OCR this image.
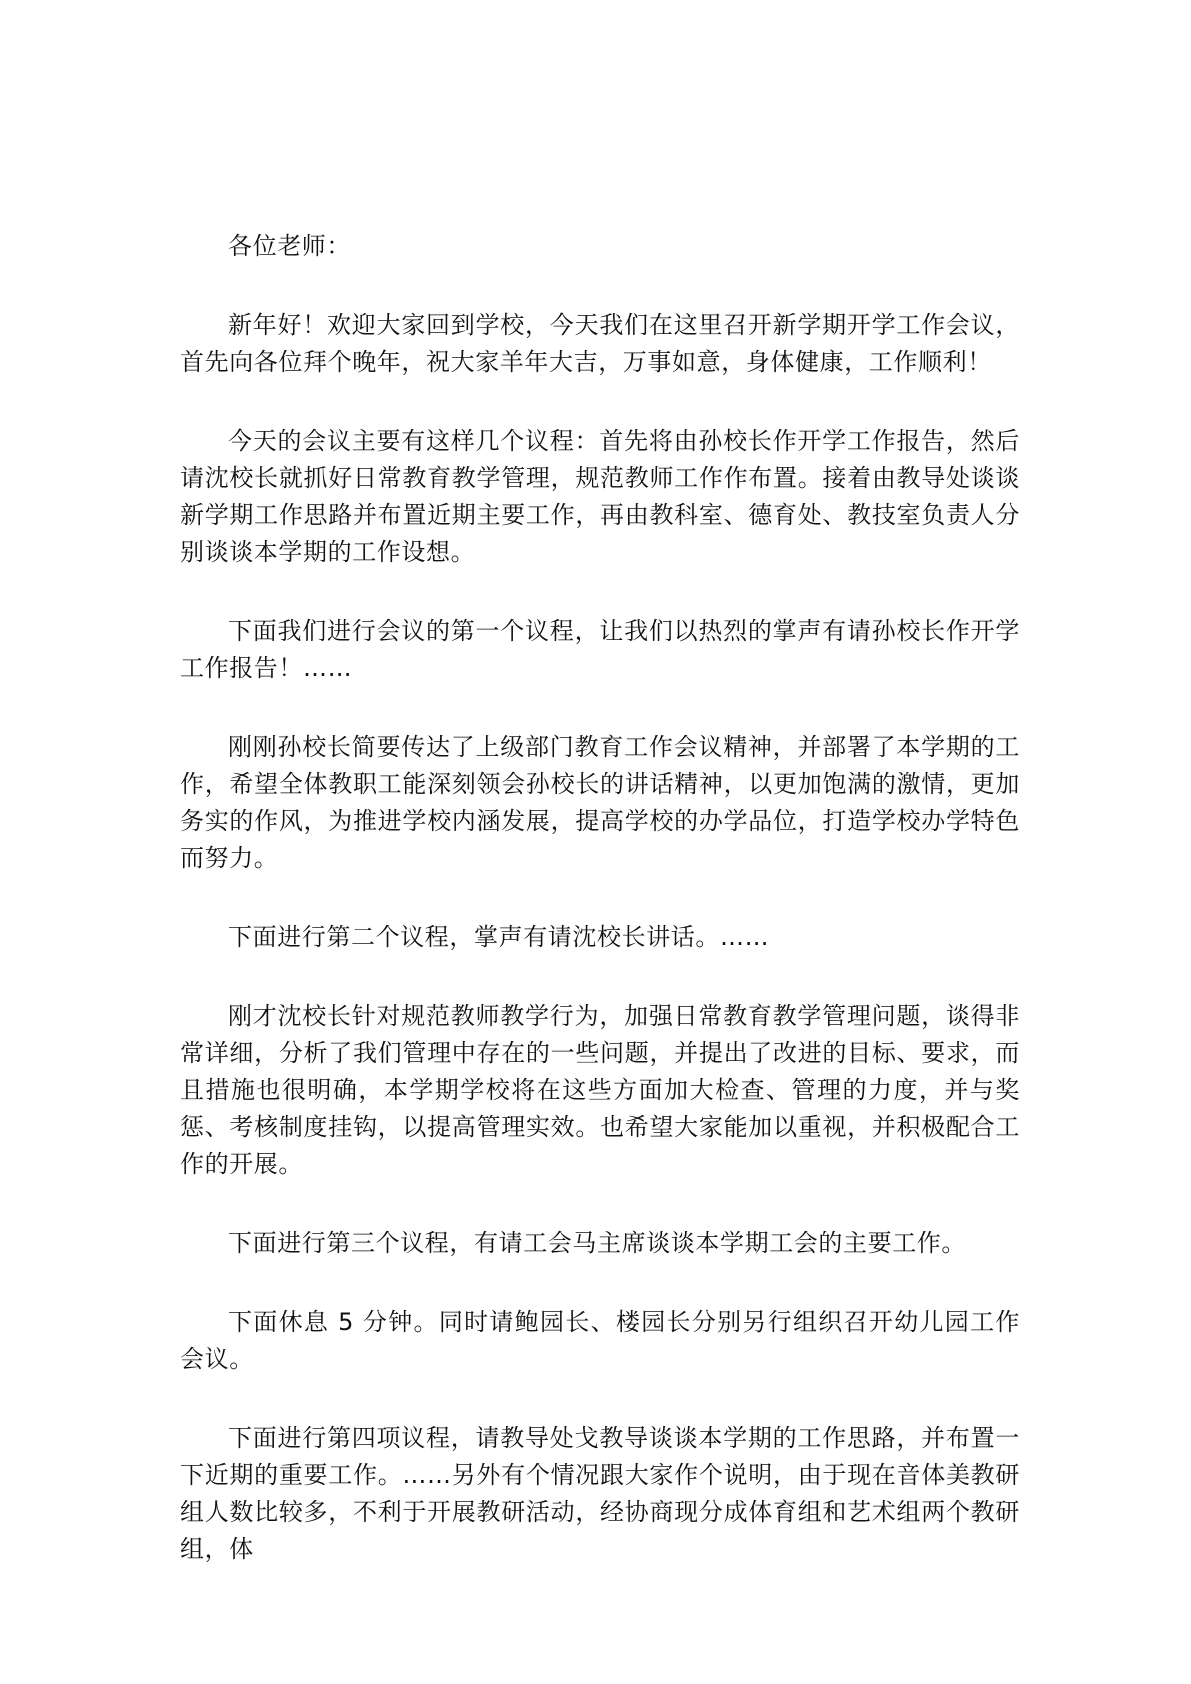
各位老师：

新年好！欢迎大家回到学校，今天我们在这里召开新学期开学工作会议，首先向各位拜个晚年，祝大家羊年大吉，万事如意，身体健康，工作顺利！

今天的会议主要有这样几个议程：首先将由孙校长作开学工作报告，然后请沈校长就抓好日常教育教学管理，规范教师工作作布置。接着由教导处谈谈新学期工作思路并布置近期主要工作，再由教科室、德育处、教技室负责人分别谈谈本学期的工作设想。

下面我们进行会议的第一个议程，让我们以热烈的掌声有请孙校长作开学工作报告！……

刚刚孙校长简要传达了上级部门教育工作会议精神，并部署了本学期的工作，希望全体教职工能深刻领会孙校长的讲话精神，以更加饱满的激情，更加务实的作风，为推进学校内涵发展，提高学校的办学品位，打造学校办学特色而努力。

下面进行第二个议程，掌声有请沈校长讲话。……

刚才沈校长针对规范教师教学行为，加强日常教育教学管理问题，谈得非常详细，分析了我们管理中存在的一些问题，并提出了改进的目标、要求，而且措施也很明确，本学期学校将在这些方面加大检查、管理的力度，并与奖惩、考核制度挂钩，以提高管理实效。也希望大家能加以重视，并积极配合工作的开展。

下面进行第三个议程，有请工会马主席谈谈本学期工会的主要工作。

下面休息 5 分钟。同时请鲍园长、楼园长分别另行组织召开幼儿园工作会议。

下面进行第四项议程，请教导处戈教导谈谈本学期的工作思路，并布置一下近期的重要工作。……另外有个情况跟大家作个说明，由于现在音体美教研组人数比较多，不利于开展教研活动，经协商现分成体育组和艺术组两个教研组，体
